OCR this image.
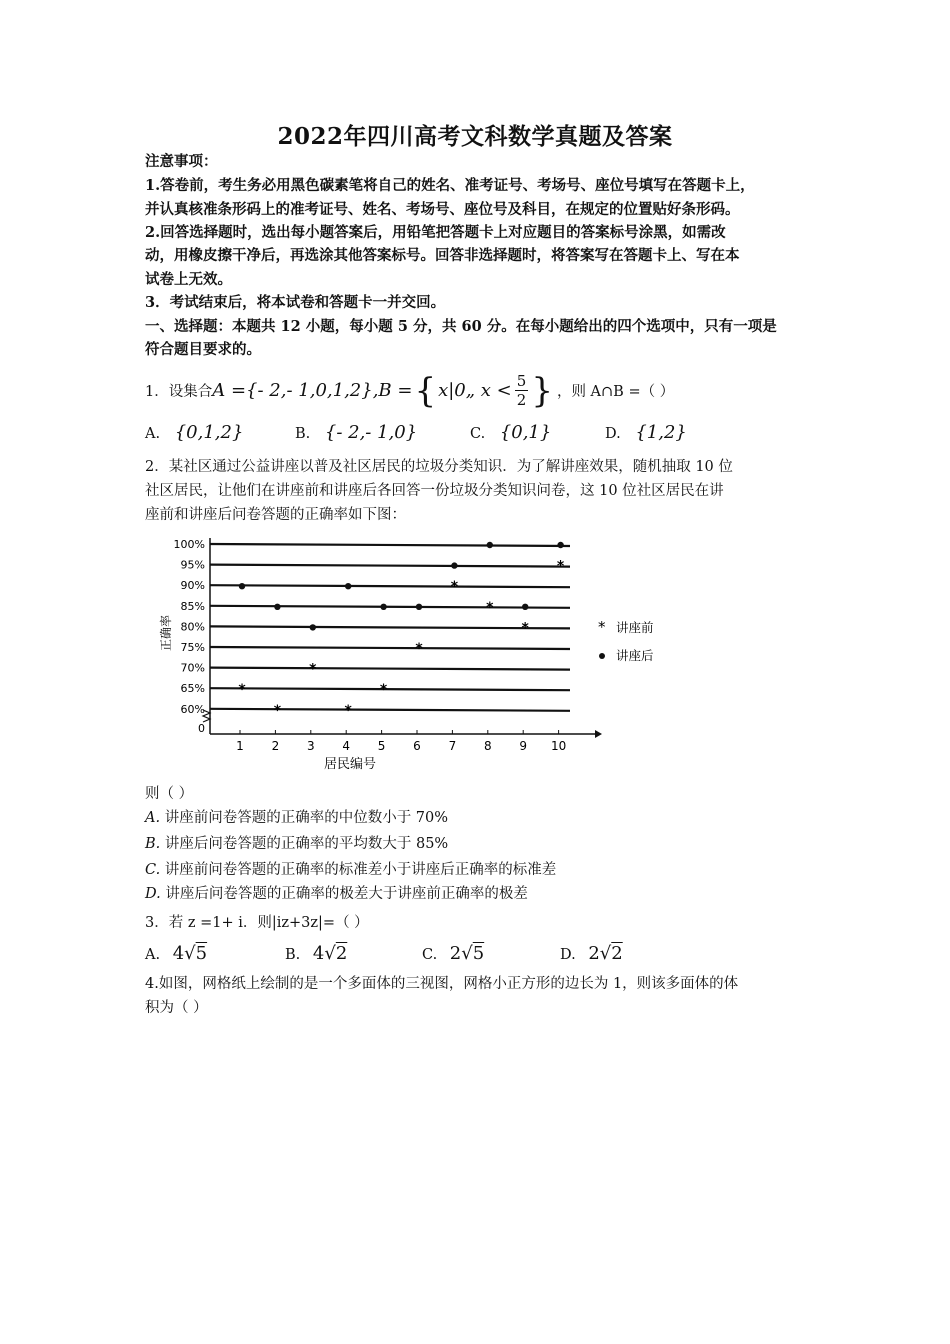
2022年四川高考文科数学真题及答案
注意事项：
1.答卷前，考生务必用黑色碳素笔将自己的姓名、准考证号、考场号、座位号填写在答题卡上，
并认真核准条形码上的准考证号、姓名、考场号、座位号及科目，在规定的位置贴好条形码。
2.回答选择题时，选出每小题答案后，用铅笔把答题卡上对应题目的答案标号涂黑，如需改
动，用橡皮擦干净后，再选涂其他答案标号。回答非选择题时，将答案写在答题卡上、写在本
试卷上无效。
3．考试结束后，将本试卷和答题卡一并交回。
一、选择题：本题共 12 小题，每小题 5 分，共 60 分。在每小题给出的四个选项中，只有一项是
符合题目要求的。
1．设集合 A ={- 2,- 1,0,1,2}, B = { x|0„ $x < \frac{5}{2}$ } ，则 A∩B =（ ）
A. {0,1,2}	B. {- 2,- 1,0}	C. {0,1}	D. {1,2}
2．某社区通过公益讲座以普及社区居民的垃圾分类知识．为了解讲座效果，随机抽取 10 位
社区居民，让他们在讲座前和讲座后各回答一份垃圾分类知识问卷，这 10 位社区居民在讲
座前和讲座后问卷答题的正确率如下图：
0
60%
65%
70%
75%
80%
85%
90%
95%
100%
1 2 3 4 5 6 7 8 9 10
*
*
*
*
*
*
*
*
*
*
正确率
居民编号
* 讲座前
讲座后
则（ ）
A. 讲座前问卷答题的正确率的中位数小于 70%
B. 讲座后问卷答题的正确率的平均数大于 85%
C. 讲座前问卷答题的正确率的标准差小于讲座后正确率的标准差
D. 讲座后问卷答题的正确率的极差大于讲座前正确率的极差
3．若 z =1+ i．则|iz+3z|=（ ）
A. 4√5	B. 4√2	C. 2√5	D. 2√2
4.如图，网格纸上绘制的是一个多面体的三视图，网格小正方形的边长为 1，则该多面体的体
积为（ ）
